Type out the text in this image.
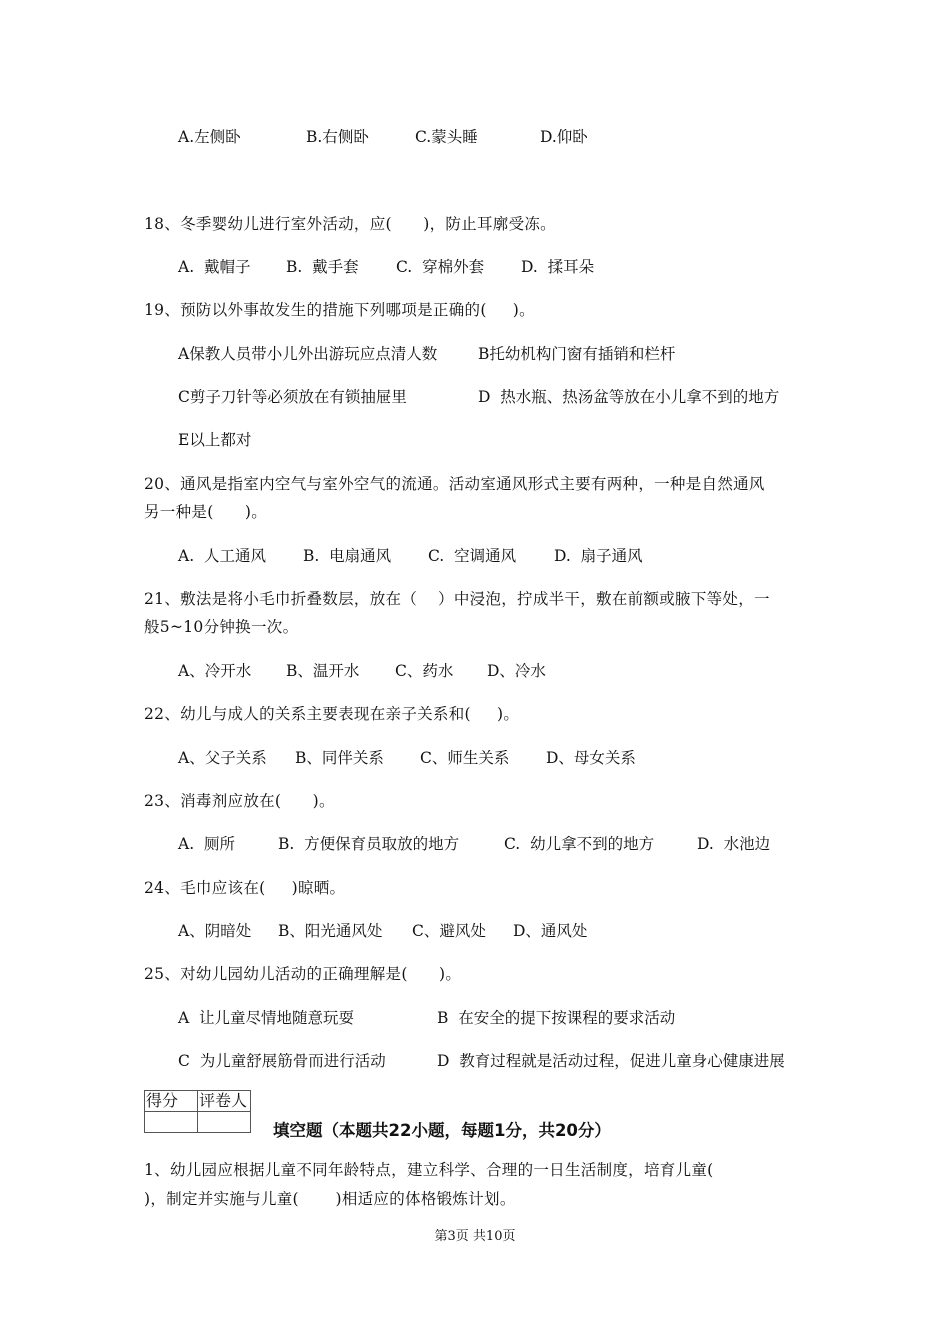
A.左侧卧	B.右侧卧	C.蒙头睡	D.仰卧
18、冬季婴幼儿进行室外活动，应(      )，防止耳廓受冻。
A.  戴帽子 B.  戴手套 C.  穿棉外套 D.  揉耳朵
19、预防以外事故发生的措施下列哪项是正确的(     )。
A保教人员带小儿外出游玩应点清人数	B托幼机构门窗有插销和栏杆
C剪子刀针等必须放在有锁抽屉里	D  热水瓶、热汤盆等放在小儿拿不到的地方
E以上都对
20、通风是指室内空气与室外空气的流通。活动室通风形式主要有两种，一种是自然通风
另一种是(      )。
A.  人工通风 B.  电扇通风 C.  空调通风 D.  扇子通风
21、敷法是将小毛巾折叠数层，放在（    ）中浸泡，拧成半干，敷在前额或腋下等处，一
般5~10分钟换一次。
A、冷开水 B、温开水 C、药水 D、冷水
22、幼儿与成人的关系主要表现在亲子关系和(     )。
A、父子关系 B、同伴关系 C、师生关系 D、母女关系
23、消毒剂应放在(      )。
A.  厕所	B.  方便保育员取放的地方	C.  幼儿拿不到的地方	D.  水池边
24、毛巾应该在(     )晾晒。
A、阴暗处 B、阳光通风处 C、避风处 D、通风处
25、对幼儿园幼儿活动的正确理解是(      )。
A  让儿童尽情地随意玩耍	B  在安全的提下按课程的要求活动
C  为儿童舒展筋骨而进行活动	D  教育过程就是活动过程，促进儿童身心健康进展
得分	评卷人

填空题（本题共22小题，每题1分，共20分）
1、幼儿园应根据儿童不同年龄特点，建立科学、合理的一日生活制度，培育儿童(
)，制定并实施与儿童(       )相适应的体格锻炼计划。
第3页 共10页
